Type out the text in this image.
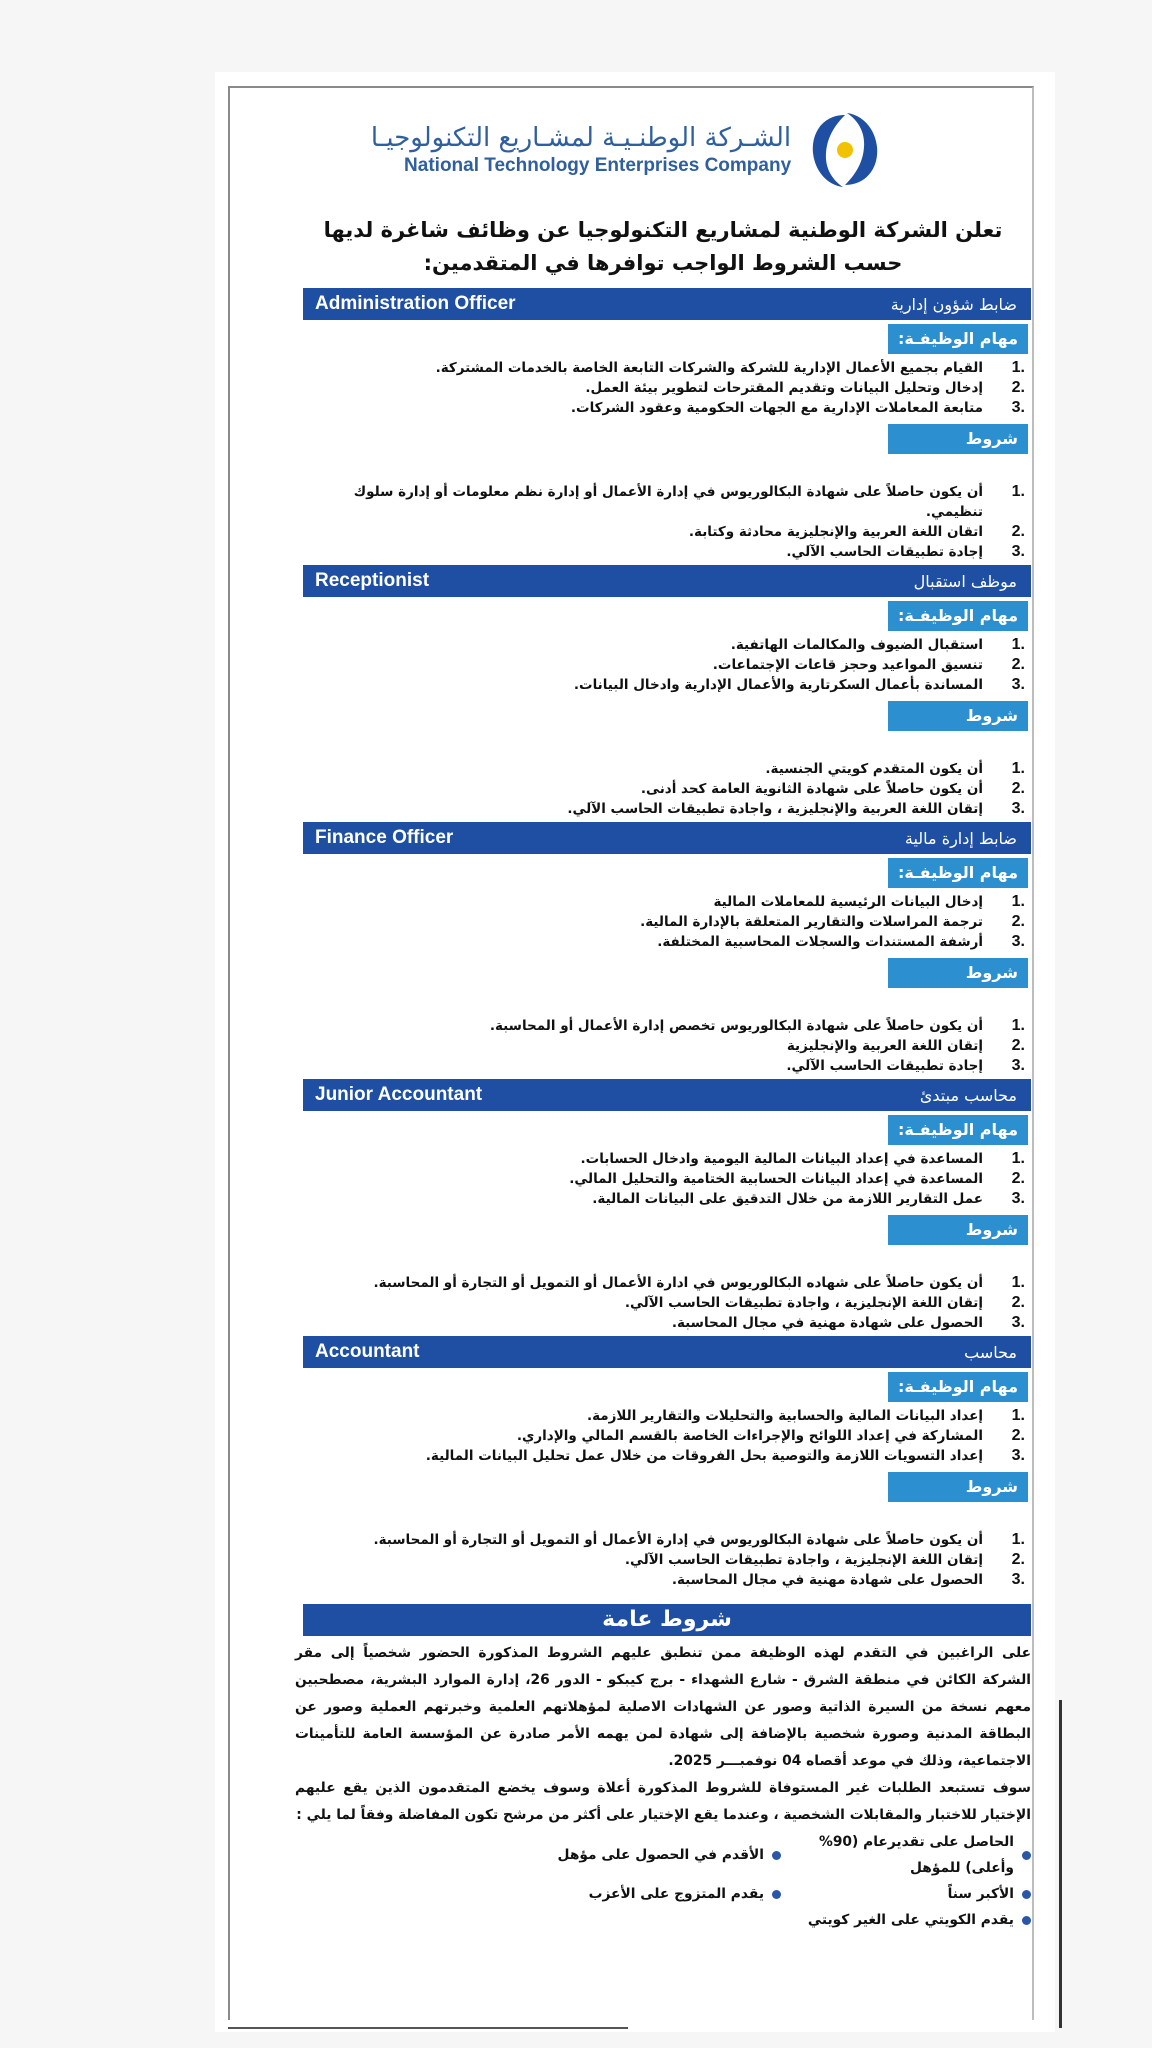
الشـركة الوطنـيـة لمشـاريع التكنولوجيـا
National Technology Enterprises Company
تعلن الشركة الوطنية لمشاريع التكنولوجيا عن وظائف شاغرة لديها
حسب الشروط الواجب توافرها في المتقدمين:
ضابط شؤون إدارية
Administration Officer
مهام الوظيفـة:
1.
القيام بجميع الأعمال الإدارية للشركة والشركات التابعة الخاصة بالخدمات المشتركة.
2.
إدخال وتحليل البيانات وتقديم المقترحات لتطوير بيئة العمل.
3.
متابعة المعاملات الإدارية مع الجهات الحكومية وعقود الشركات.
شروط الوظيفة:
1.
أن يكون حاصلاً على شهادة البكالوريوس في إدارة الأعمال أو إدارة نظم معلومات أو إدارة سلوك تنظيمي.
2.
اتقان اللغة العربية والإنجليزية محادثة وكتابة.
3.
إجادة تطبيقات الحاسب الآلي.
موظف استقبال
Receptionist
مهام الوظيفـة:
1.
استقبال الضيوف والمكالمات الهاتفية.
2.
تنسيق المواعيد وحجز قاعات الإجتماعات.
3.
المساندة بأعمال السكرتارية والأعمال الإدارية وادخال البيانات.
شروط الوظيفة:
1.
أن يكون المتقدم كويتي الجنسية.
2.
أن يكون حاصلاً على شهادة الثانوية العامة كحد أدنى.
3.
إتقان اللغة العربية والإنجليزية ، واجادة تطبيقات الحاسب الآلي.
ضابط إدارة مالية
Finance Officer
مهام الوظيفـة:
1.
إدخال البيانات الرئيسية للمعاملات المالية
2.
ترجمة المراسلات والتقارير المتعلقة بالإدارة المالية.
3.
أرشفة المستندات والسجلات المحاسبية المختلفة.
شروط الوظيفة:
1.
أن يكون حاصلاً على شهادة البكالوريوس تخصص إدارة الأعمال أو المحاسبة.
2.
إتقان اللغة العربية والإنجليزية
3.
إجادة تطبيقات الحاسب الآلي.
محاسب مبتدئ
Junior Accountant
مهام الوظيفـة:
1.
المساعدة في إعداد البيانات المالية اليومية وادخال الحسابات.
2.
المساعدة في إعداد البيانات الحسابية الختامية والتحليل المالي.
3.
عمل التقارير اللازمة من خلال التدقيق على البيانات المالية.
شروط الوظيفة:
1.
أن يكون حاصلاً على شهاده البكالوريوس في ادارة الأعمال أو التمويل أو التجارة أو المحاسبة.
2.
إتقان اللغة الإنجليزية ، واجادة تطبيقات الحاسب الآلي.
3.
الحصول على شهادة مهنية في مجال المحاسبة.
محاسب
Accountant
مهام الوظيفـة:
1.
إعداد البيانات المالية والحسابية والتحليلات والتقارير اللازمة.
2.
المشاركة في إعداد اللوائح والإجراءات الخاصة بالقسم المالي والإداري.
3.
إعداد التسويات اللازمة والتوصية بحل الفروقات من خلال عمل تحليل البيانات المالية.
شروط الوظيفة:
1.
أن يكون حاصلاً على شهادة البكالوريوس في إدارة الأعمال أو التمويل أو التجارة أو المحاسبة.
2.
إتقان اللغة الإنجليزية ، واجادة تطبيقات الحاسب الآلي.
3.
الحصول على شهادة مهنية في مجال المحاسبة.
شروط عامة
على الراغبين في التقدم لهذه الوظيفة ممن تنطبق عليهم الشروط المذكورة الحضور شخصياً إلى مقر الشركة الكائن في منطقة الشرق - شارع الشهداء - برج كيبكو - الدور 26، إدارة الموارد البشرية، مصطحبين معهم نسخة من السيرة الذاتية وصور عن الشهادات الاصلية لمؤهلاتهم العلمية وخبرتهم العملية وصور عن البطاقة المدنية وصورة شخصية بالإضافة إلى شهادة لمن يهمه الأمر صادرة عن المؤسسة العامة للتأمينات الاجتماعية، وذلك في موعد أقصاه 04 نوفمبـــر 2025.
سوف تستبعد الطلبات غير المستوفاة للشروط المذكورة أعلاة وسوف يخضع المتقدمون الذين يقع عليهم الإختيار للاختبار والمقابلات الشخصية ، وعندما يقع الإختيار على أكثر من مرشح تكون المفاضلة وفقاً لما يلي :
الحاصل على تقديرعام (90% وأعلى) للمؤهل
الأقدم في الحصول على مؤهل
الأكبر سناً
يقدم المتزوج على الأعزب
يقدم الكويتي على الغير كويتي
